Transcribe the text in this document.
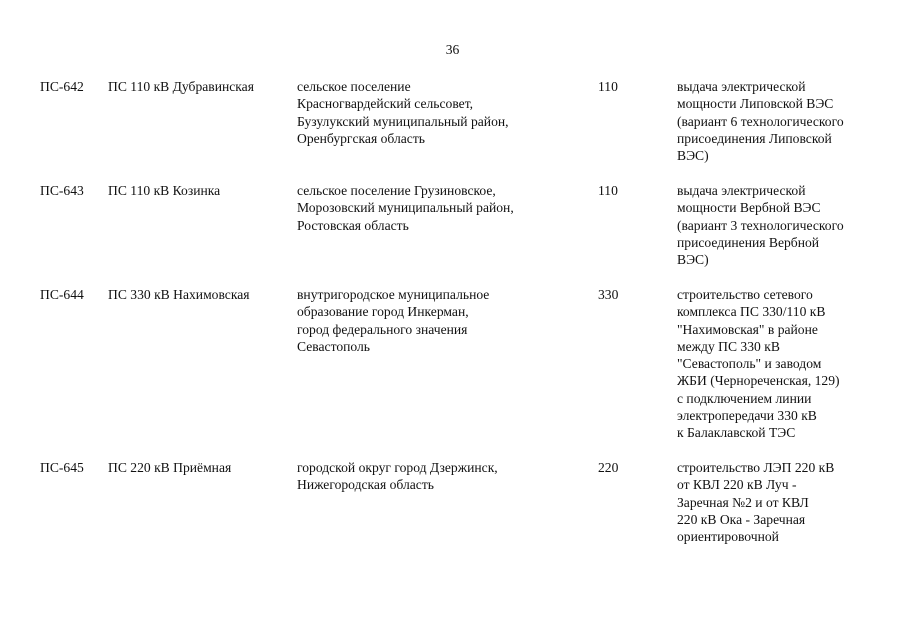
36
ПС-642 ПС 110 кВ Дубравинская	сельское поселение
Красногвардейский сельсовет,
Бузулукский муниципальный район,
Оренбургская область
110	выдача электрической
мощности Липовской ВЭС
(вариант 6 технологического
присоединения Липовской
ВЭС)
ПС-643 ПС 110 кВ Козинка	сельское поселение Грузиновское,
Морозовский муниципальный район,
Ростовская область
110	выдача электрической
мощности Вербной ВЭС
(вариант 3 технологического
присоединения Вербной
ВЭС)
ПС-644 ПС 330 кВ Нахимовская	внутригородское муниципальное
образование город Инкерман,
город федерального значения
Севастополь
330	строительство сетевого
комплекса ПС 330/110 кВ
"Нахимовская" в районе
между ПС 330 кВ
"Севастополь" и заводом
ЖБИ (Чернореченская, 129)
с подключением линии
электропередачи 330 кВ
к Балаклавской ТЭС
ПС-645 ПС 220 кВ Приёмная	городской округ город Дзержинск,
Нижегородская область
220	строительство ЛЭП 220 кВ
от КВЛ 220 кВ Луч -
Заречная №2 и от КВЛ
220 кВ Ока - Заречная
ориентировочной
